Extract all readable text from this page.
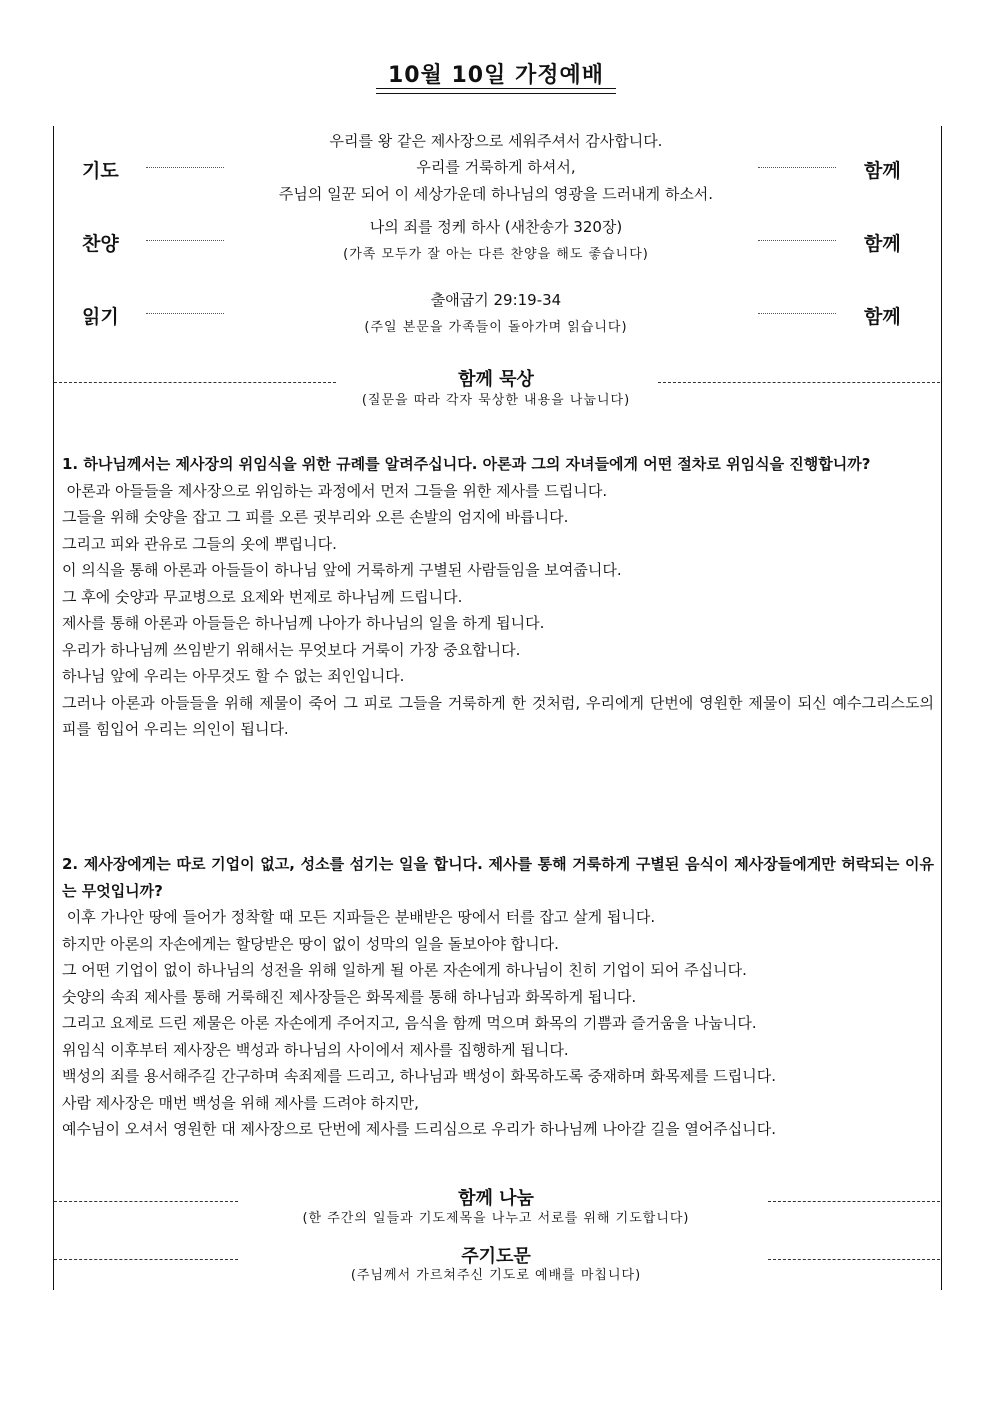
10월 10일 가정예배
기도
우리를 왕 같은 제사장으로 세워주셔서 감사합니다.
우리를 거룩하게 하셔서,
주님의 일꾼 되어 이 세상가운데 하나님의 영광을 드러내게 하소서.
함께
찬양
나의 죄를 정케 하사 (새찬송가 320장)
(가족 모두가 잘 아는 다른 찬양을 해도 좋습니다)	함께
읽기
출애굽기 29:19-34
(주일 본문을 가족들이 돌아가며 읽습니다)	함께
함께 묵상
(질문을 따라 각자 묵상한 내용을 나눕니다)
1. 하나님께서는 제사장의 위임식을 위한 규례를 알려주십니다. 아론과 그의 자녀들에게 어떤 절차로 위임식을 진행합니까?
아론과 아들들을 제사장으로 위임하는 과정에서 먼저 그들을 위한 제사를 드립니다.
그들을 위해 숫양을 잡고 그 피를 오른 귓부리와 오른 손발의 엄지에 바릅니다.
그리고 피와 관유로 그들의 옷에 뿌립니다.
이 의식을 통해 아론과 아들들이 하나님 앞에 거룩하게 구별된 사람들임을 보여줍니다.
그 후에 숫양과 무교병으로 요제와 번제로 하나님께 드립니다.
제사를 통해 아론과 아들들은 하나님께 나아가 하나님의 일을 하게 됩니다.
우리가 하나님께 쓰임받기 위해서는 무엇보다 거룩이 가장 중요합니다.
하나님 앞에 우리는 아무것도 할 수 없는 죄인입니다.
그러나 아론과 아들들을 위해 제물이 죽어 그 피로 그들을 거룩하게 한 것처럼, 우리에게 단번에 영원한 제물이 되신 예수그리스도의 피를 힘입어 우리는 의인이 됩니다.
2. 제사장에게는 따로 기업이 없고, 성소를 섬기는 일을 합니다. 제사를 통해 거룩하게 구별된 음식이 제사장들에게만 허락되는 이유는 무엇입니까?
이후 가나안 땅에 들어가 정착할 때 모든 지파들은 분배받은 땅에서 터를 잡고 살게 됩니다.
하지만 아론의 자손에게는 할당받은 땅이 없이 성막의 일을 돌보아야 합니다.
그 어떤 기업이 없이 하나님의 성전을 위해 일하게 될 아론 자손에게 하나님이 친히 기업이 되어 주십니다.
숫양의 속죄 제사를 통해 거룩해진 제사장들은 화목제를 통해 하나님과 화목하게 됩니다.
그리고 요제로 드린 제물은 아론 자손에게 주어지고, 음식을 함께 먹으며 화목의 기쁨과 즐거움을 나눕니다.
위임식 이후부터 제사장은 백성과 하나님의 사이에서 제사를 집행하게 됩니다.
백성의 죄를 용서해주길 간구하며 속죄제를 드리고, 하나님과 백성이 화목하도록 중재하며 화목제를 드립니다.
사람 제사장은 매번 백성을 위해 제사를 드려야 하지만,
예수님이 오셔서 영원한 대 제사장으로 단번에 제사를 드리심으로 우리가 하나님께 나아갈 길을 열어주십니다.
함께 나눔
(한 주간의 일들과 기도제목을 나누고 서로를 위해 기도합니다)
주기도문
(주님께서 가르쳐주신 기도로 예배를 마칩니다)
